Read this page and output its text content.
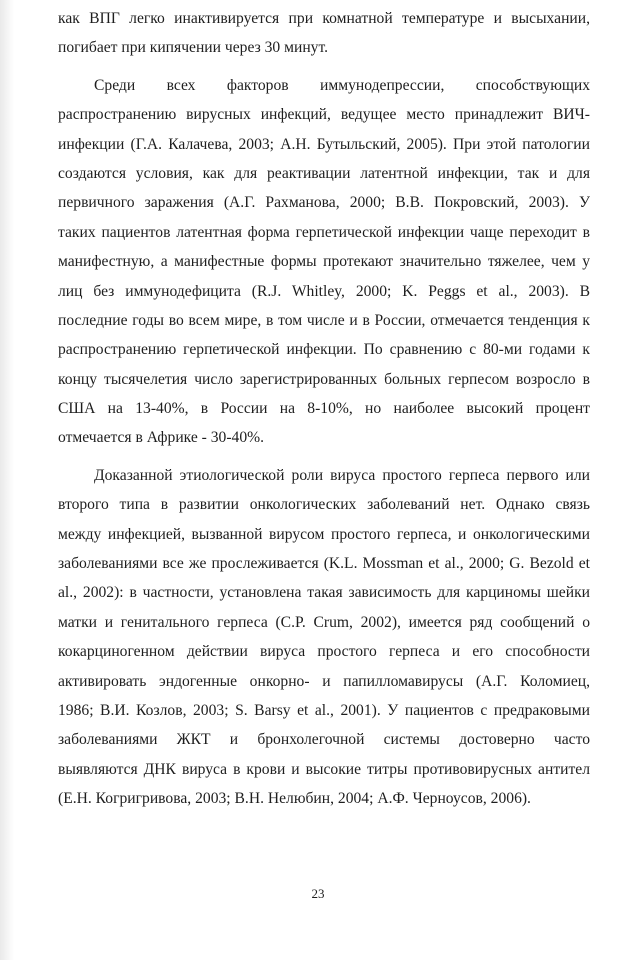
как ВПГ легко инактивируется при комнатной температуре и высыхании,
погибает при кипячении через 30 минут.
Среди всех факторов иммунодепрессии, способствующих
распространению вирусных инфекций, ведущее место принадлежит ВИЧ-
инфекции (Г.А. Калачева, 2003; А.Н. Бутыльский, 2005). При этой патологии
создаются условия, как для реактивации латентной инфекции, так и для
первичного заражения (А.Г. Рахманова, 2000; В.В. Покровский, 2003). У
таких пациентов латентная форма герпетической инфекции чаще переходит в
манифестную, а манифестные формы протекают значительно тяжелее, чем у
лиц без иммунодефицита (R.J. Whitley, 2000; K. Peggs et al., 2003). В
последние годы во всем мире, в том числе и в России, отмечается тенденция к
распространению герпетической инфекции. По сравнению с 80-ми годами к
концу тысячелетия число зарегистрированных больных герпесом возросло в
США на 13-40%, в России на 8-10%, но наиболее высокий процент
отмечается в Африке - 30-40%.
Доказанной этиологической роли вируса простого герпеса первого или
второго типа в развитии онкологических заболеваний нет. Однако связь
между инфекцией, вызванной вирусом простого герпеса, и онкологическими
заболеваниями все же прослеживается (K.L. Mossman et al., 2000; G. Bezold et
al., 2002): в частности, установлена такая зависимость для карциномы шейки
матки и генитального герпеса (C.P. Crum, 2002), имеется ряд сообщений о
кокарциногенном действии вируса простого герпеса и его способности
активировать эндогенные онкорно- и папилломавирусы (А.Г. Коломиец,
1986; В.И. Козлов, 2003; S. Barsy et al., 2001). У пациентов с предраковыми
заболеваниями ЖКТ и бронхолегочной системы достоверно часто
выявляются ДНК вируса в крови и высокие титры противовирусных антител
(Е.Н. Когригривова, 2003; В.Н. Нелюбин, 2004; А.Ф. Черноусов, 2006).
23
